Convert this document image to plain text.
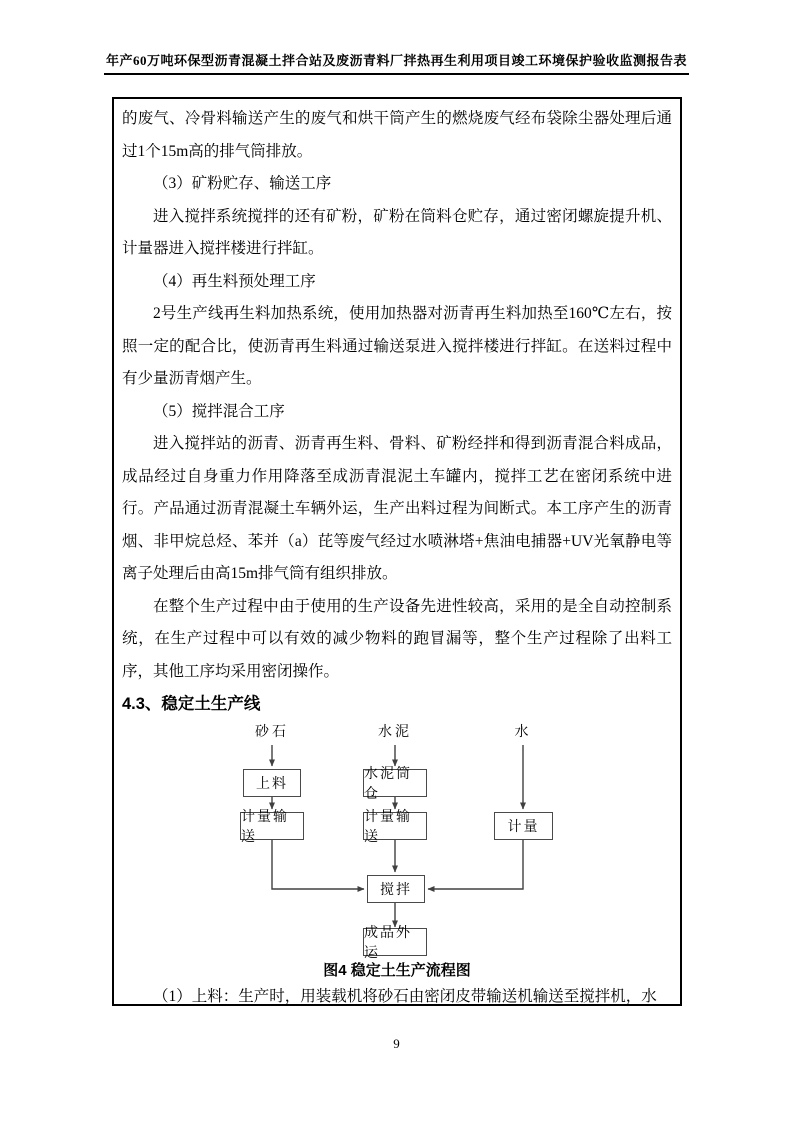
年产60万吨环保型沥青混凝土拌合站及废沥青料厂拌热再生利用项目竣工环境保护验收监测报告表

的废气、冷骨料输送产生的废气和烘干筒产生的燃烧废气经布袋除尘器处理后通过1个15m高的排气筒排放。

（3）矿粉贮存、输送工序

进入搅拌系统搅拌的还有矿粉，矿粉在筒料仓贮存，通过密闭螺旋提升机、计量器进入搅拌楼进行拌缸。

（4）再生料预处理工序

2号生产线再生料加热系统，使用加热器对沥青再生料加热至160℃左右，按照一定的配合比，使沥青再生料通过输送泵进入搅拌楼进行拌缸。在送料过程中有少量沥青烟产生。

（5）搅拌混合工序

进入搅拌站的沥青、沥青再生料、骨料、矿粉经拌和得到沥青混合料成品，成品经过自身重力作用降落至成沥青混泥土车罐内，搅拌工艺在密闭系统中进行。产品通过沥青混凝土车辆外运，生产出料过程为间断式。本工序产生的沥青烟、非甲烷总烃、苯并（a）芘等废气经过水喷淋塔+焦油电捕器+UV光氧静电等离子处理后由高15m排气筒有组织排放。

在整个生产过程中由于使用的生产设备先进性较高，采用的是全自动控制系统，在生产过程中可以有效的减少物料的跑冒漏等，整个生产过程除了出料工序，其他工序均采用密闭操作。

4.3、稳定土生产线
砂石	水泥	水
上料
水泥筒仓
计量输送
计量输送
计量
搅拌
成品外运
图4 稳定土生产流程图

（1）上料：生产时，用装载机将砂石由密闭皮带输送机输送至搅拌机，水

9
